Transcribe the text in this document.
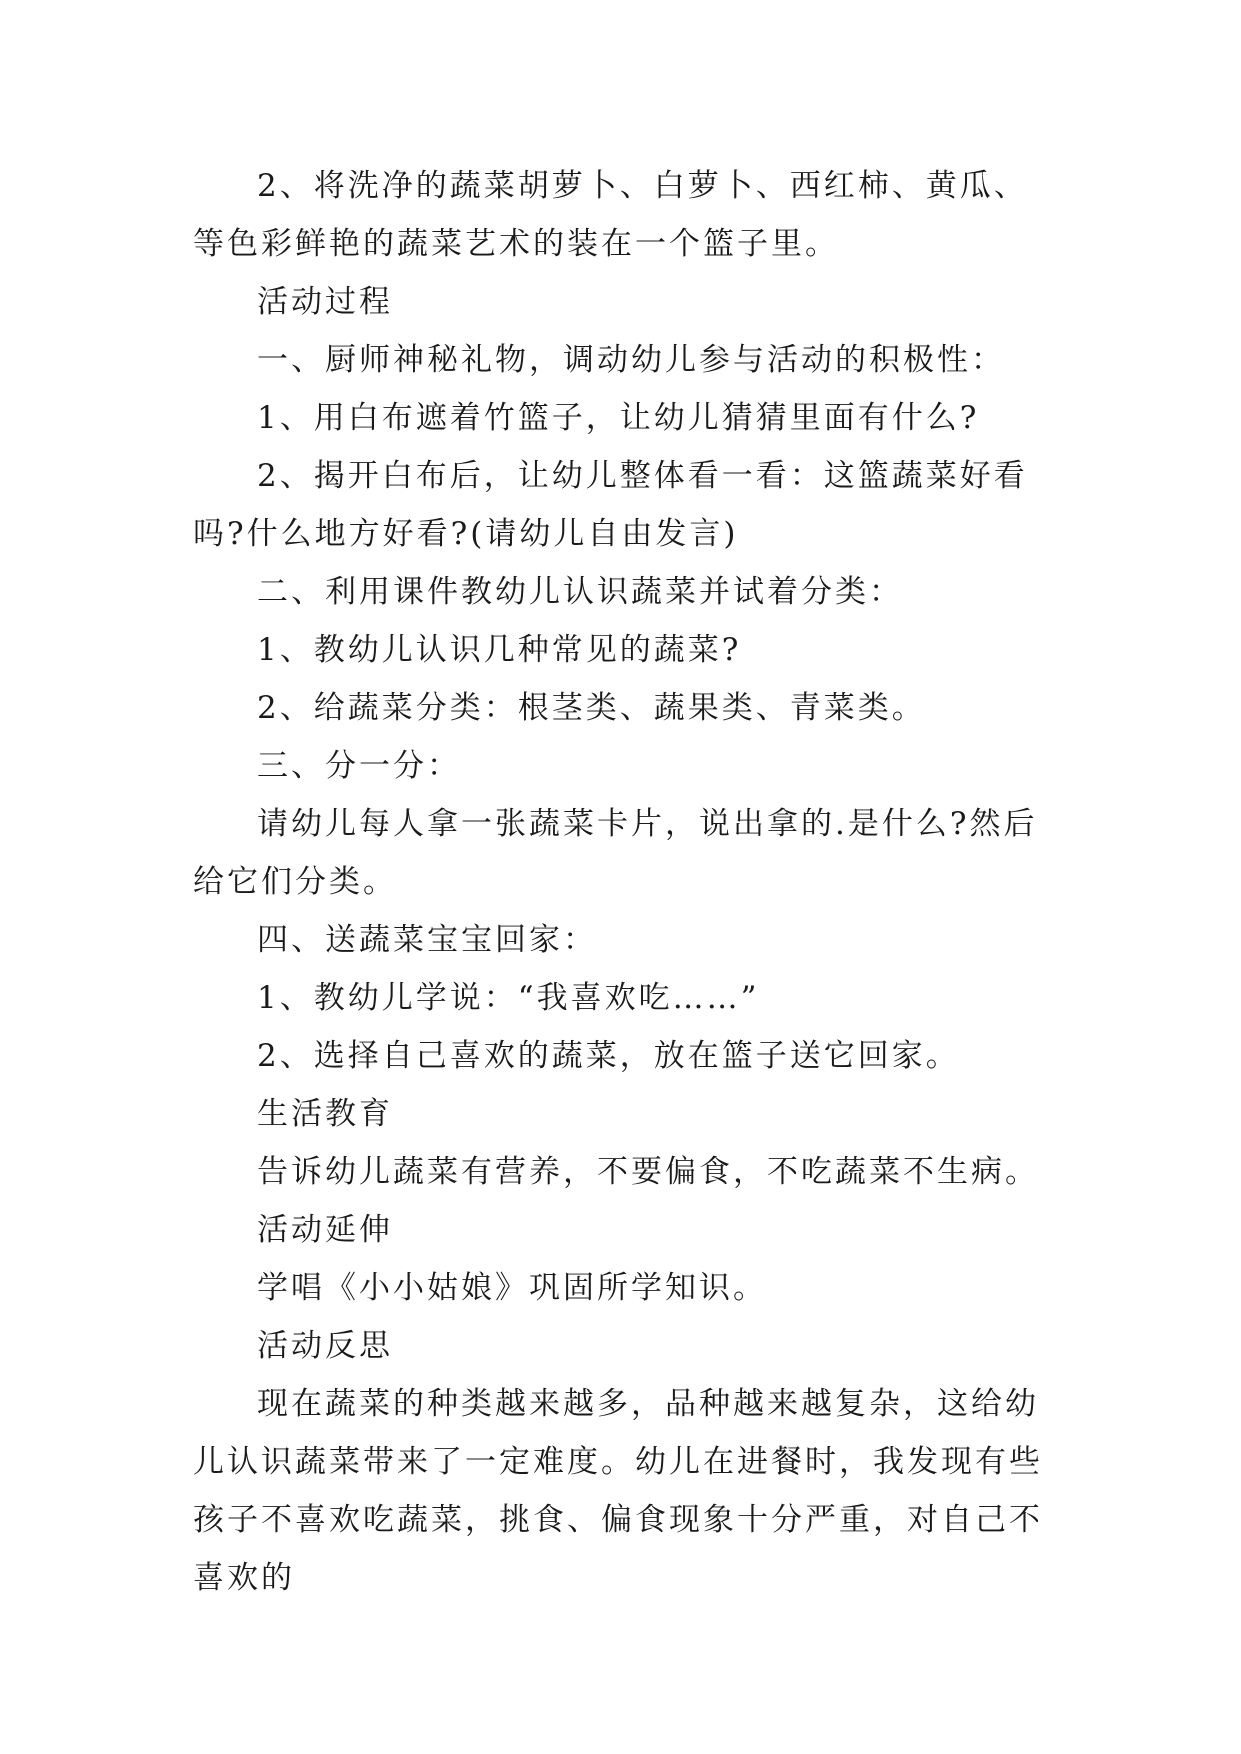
2、将洗净的蔬菜胡萝卜、白萝卜、西红柿、黄瓜、等色彩鲜艳的蔬菜艺术的装在一个篮子里。

活动过程

一、厨师神秘礼物，调动幼儿参与活动的积极性：

1、用白布遮着竹篮子，让幼儿猜猜里面有什么?

2、揭开白布后，让幼儿整体看一看：这篮蔬菜好看吗?什么地方好看?(请幼儿自由发言)

二、利用课件教幼儿认识蔬菜并试着分类：

1、教幼儿认识几种常见的蔬菜?

2、给蔬菜分类：根茎类、蔬果类、青菜类。

三、分一分：

请幼儿每人拿一张蔬菜卡片，说出拿的.是什么?然后给它们分类。

四、送蔬菜宝宝回家：

1、教幼儿学说：“我喜欢吃……”

2、选择自己喜欢的蔬菜，放在篮子送它回家。

生活教育

告诉幼儿蔬菜有营养，不要偏食，不吃蔬菜不生病。

活动延伸

学唱《小小姑娘》巩固所学知识。

活动反思

现在蔬菜的种类越来越多，品种越来越复杂，这给幼儿认识蔬菜带来了一定难度。幼儿在进餐时，我发现有些孩子不喜欢吃蔬菜，挑食、偏食现象十分严重，对自己不喜欢的
